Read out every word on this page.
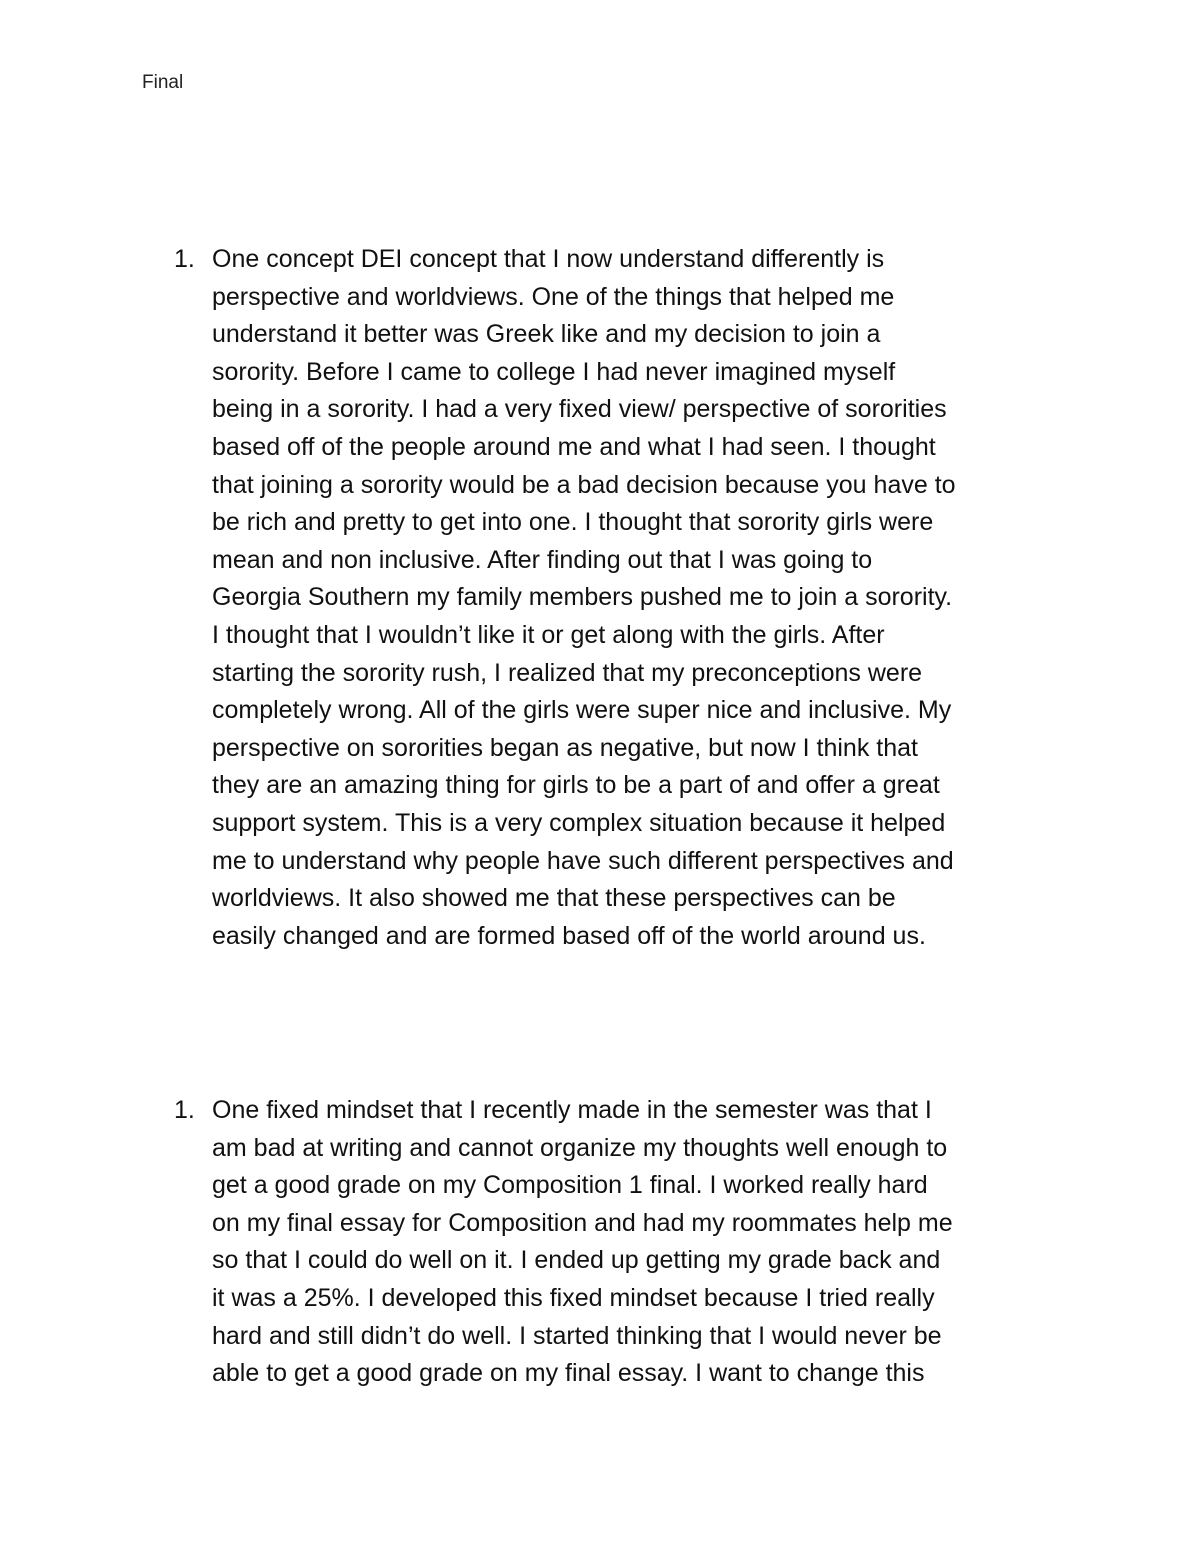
Final
1. One concept DEI concept that I now understand differently is
perspective and worldviews. One of the things that helped me
understand it better was Greek like and my decision to join a
sorority. Before I came to college I had never imagined myself
being in a sorority. I had a very fixed view/ perspective of sororities
based off of the people around me and what I had seen. I thought
that joining a sorority would be a bad decision because you have to
be rich and pretty to get into one. I thought that sorority girls were
mean and non inclusive. After finding out that I was going to
Georgia Southern my family members pushed me to join a sorority.
I thought that I wouldn’t like it or get along with the girls. After
starting the sorority rush, I realized that my preconceptions were
completely wrong. All of the girls were super nice and inclusive. My
perspective on sororities began as negative, but now I think that
they are an amazing thing for girls to be a part of and offer a great
support system. This is a very complex situation because it helped
me to understand why people have such different perspectives and
worldviews. It also showed me that these perspectives can be
easily changed and are formed based off of the world around us.

1. One fixed mindset that I recently made in the semester was that I
am bad at writing and cannot organize my thoughts well enough to
get a good grade on my Composition 1 final. I worked really hard
on my final essay for Composition and had my roommates help me
so that I could do well on it. I ended up getting my grade back and
it was a 25%. I developed this fixed mindset because I tried really
hard and still didn’t do well. I started thinking that I would never be
able to get a good grade on my final essay. I want to change this
